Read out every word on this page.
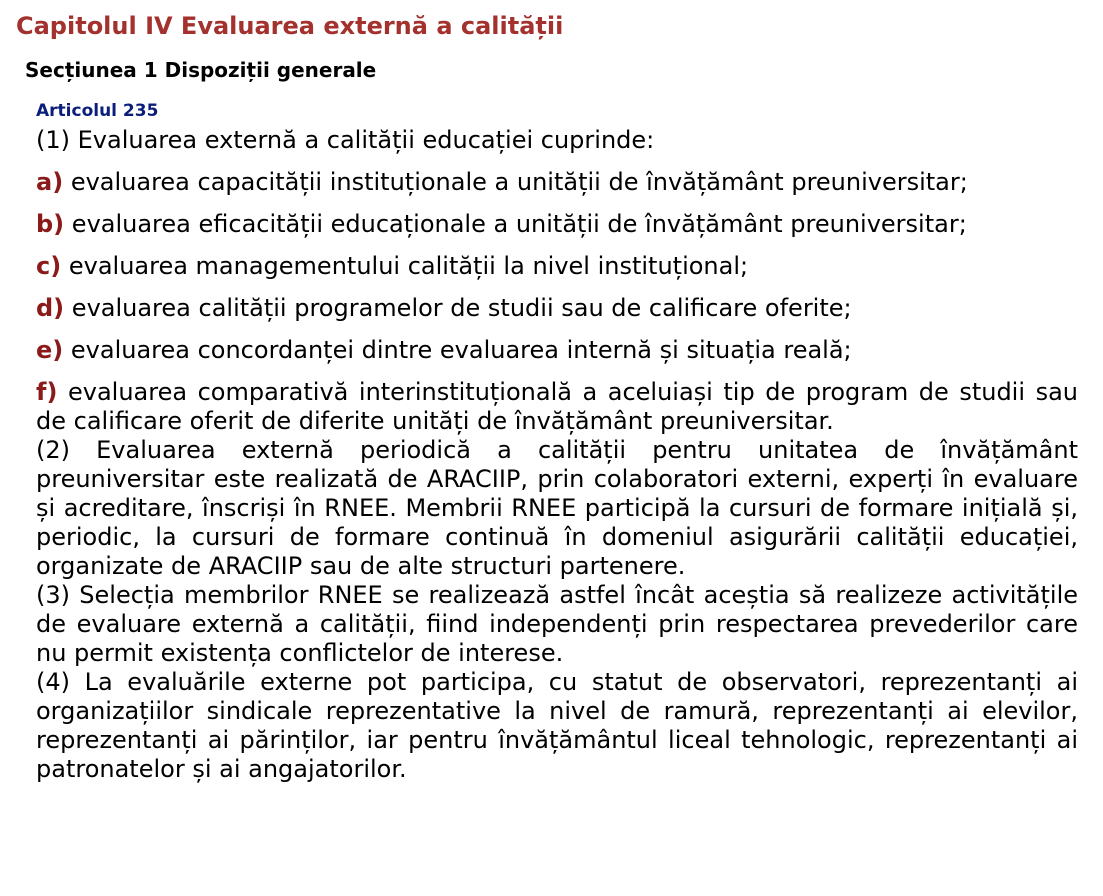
Capitolul IV Evaluarea externă a calității
Secțiunea 1 Dispoziții generale
Articolul 235

(1) Evaluarea externă a calității educației cuprinde:

a) evaluarea capacității instituționale a unității de învățământ preuniversitar;

b) evaluarea eficacității educaționale a unității de învățământ preuniversitar;

c) evaluarea managementului calității la nivel instituțional;

d) evaluarea calității programelor de studii sau de calificare oferite;

e) evaluarea concordanței dintre evaluarea internă și situația reală;

f) evaluarea comparativă interinstituțională a aceluiași tip de program de studii sau de calificare oferit de diferite unități de învățământ preuniversitar.

(2) Evaluarea externă periodică a calității pentru unitatea de învățământ preuniversitar este realizată de ARACIIP, prin colaboratori externi, experți în evaluare și acreditare, înscriși în RNEE. Membrii RNEE participă la cursuri de formare inițială și, periodic, la cursuri de formare continuă în domeniul asigurării calității educației, organizate de ARACIIP sau de alte structuri partenere.

(3) Selecția membrilor RNEE se realizează astfel încât aceștia să realizeze activitățile de evaluare externă a calității, fiind independenți prin respectarea prevederilor care nu permit existența conflictelor de interese.

(4) La evaluările externe pot participa, cu statut de observatori, reprezentanți ai organizațiilor sindicale reprezentative la nivel de ramură, reprezentanți ai elevilor, reprezentanți ai părinților, iar pentru învățământul liceal tehnologic, reprezentanți ai patronatelor și ai angajatorilor.
